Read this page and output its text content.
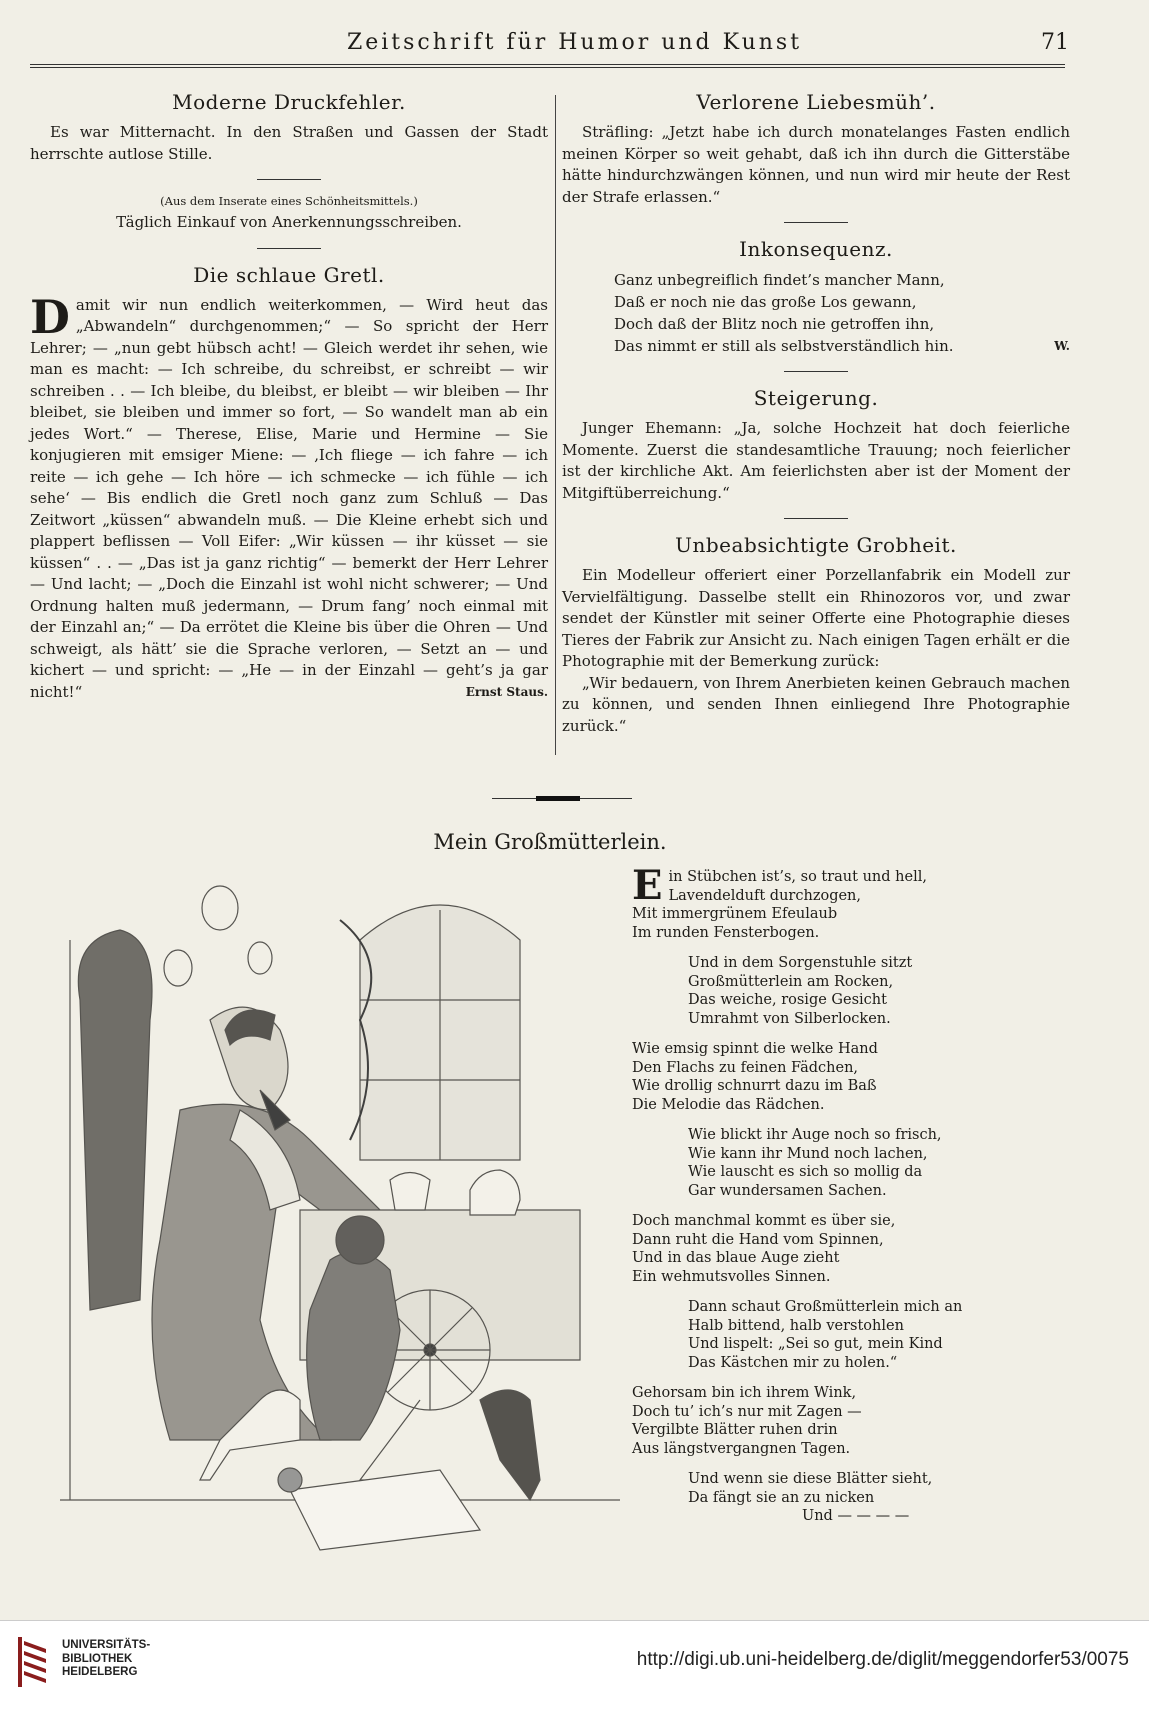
Zeitschrift für Humor und Kunst	71
Moderne Druckfehler.

Es war Mitternacht. In den Straßen und Gassen der Stadt herrschte autlose Stille.

(Aus dem Inserate eines Schönheitsmittels.)

Täglich Einkauf von Anerkennungsschreiben.

Die schlaue Gretl.

Damit wir nun endlich weiterkommen, — Wird heut das „Abwandeln“ durchgenommen;“ — So spricht der Herr Lehrer; — „nun gebt hübsch acht! — Gleich werdet ihr sehen, wie man es macht: — Ich schreibe, du schreibst, er schreibt — wir schreiben . . — Ich bleibe, du bleibst, er bleibt — wir bleiben — Ihr bleibet, sie bleiben und immer so fort, — So wandelt man ab ein jedes Wort.“ — Therese, Elise, Marie und Hermine — Sie konjugieren mit emsiger Miene: — ‚Ich fliege — ich fahre — ich reite — ich gehe — Ich höre — ich schmecke — ich fühle — ich sehe‘ — Bis endlich die Gretl noch ganz zum Schluß — Das Zeitwort „küssen“ abwandeln muß. — Die Kleine erhebt sich und plappert beflissen — Voll Eifer: „Wir küssen — ihr küsset — sie küssen“ . . — „Das ist ja ganz richtig“ — bemerkt der Herr Lehrer — Und lacht; — „Doch die Einzahl ist wohl nicht schwerer; — Und Ordnung halten muß jedermann, — Drum fang’ noch einmal mit der Einzahl an;“ — Da errötet die Kleine bis über die Ohren — Und schweigt, als hätt’ sie die Sprache verloren, — Setzt an — und kichert — und spricht: — „He — in der Einzahl — geht’s ja gar nicht!“	Ernst Staus.

Verlorene Liebesmüh’.

Sträfling: „Jetzt habe ich durch monatelanges Fasten endlich meinen Körper so weit gehabt, daß ich ihn durch die Gitterstäbe hätte hindurchzwängen können, und nun wird mir heute der Rest der Strafe erlassen.“

Inkonsequenz.

Ganz unbegreiflich findet’s mancher Mann,

Daß er noch nie das große Los gewann,

Doch daß der Blitz noch nie getroffen ihn,

Das nimmt er still als selbstverständlich hin.	W.

Steigerung.

Junger Ehemann: „Ja, solche Hochzeit hat doch feierliche Momente. Zuerst die standesamtliche Trauung; noch feierlicher ist der kirchliche Akt. Am feierlichsten aber ist der Moment der Mitgiftüberreichung.“

Unbeabsichtigte Grobheit.

Ein Modelleur offeriert einer Porzellanfabrik ein Modell zur Vervielfältigung. Dasselbe stellt ein Rhinozoros vor, und zwar sendet der Künstler mit seiner Offerte eine Photographie dieses Tieres der Fabrik zur Ansicht zu. Nach einigen Tagen erhält er die Photographie mit der Bemerkung zurück:

„Wir bedauern, von Ihrem Anerbieten keinen Gebrauch machen zu können, und senden Ihnen einliegend Ihre Photographie zurück.“

Mein Großmütterlein.
Ein Stübchen ist’s, so traut und hell,
Lavendelduft durchzogen,
Mit immergrünem Efeulaub
Im runden Fensterbogen.
Und in dem Sorgenstuhle sitzt
Großmütterlein am Rocken,
Das weiche, rosige Gesicht
Umrahmt von Silberlocken.
Wie emsig spinnt die welke Hand
Den Flachs zu feinen Fädchen,
Wie drollig schnurrt dazu im Baß
Die Melodie das Rädchen.
Wie blickt ihr Auge noch so frisch,
Wie kann ihr Mund noch lachen,
Wie lauscht es sich so mollig da
Gar wundersamen Sachen.
Doch manchmal kommt es über sie,
Dann ruht die Hand vom Spinnen,
Und in das blaue Auge zieht
Ein wehmutsvolles Sinnen.
Dann schaut Großmütterlein mich an
Halb bittend, halb verstohlen
Und lispelt: „Sei so gut, mein Kind
Das Kästchen mir zu holen.“
Gehorsam bin ich ihrem Wink,
Doch tu’ ich’s nur mit Zagen —
Vergilbte Blätter ruhen drin
Aus längstvergangnen Tagen.
Und wenn sie diese Blätter sieht,
Da fängt sie an zu nicken
Und — — — —
UNIVERSITÄTS-
BIBLIOTHEK
HEIDELBERG
http://digi.ub.uni-heidelberg.de/diglit/meggendorfer53/0075
